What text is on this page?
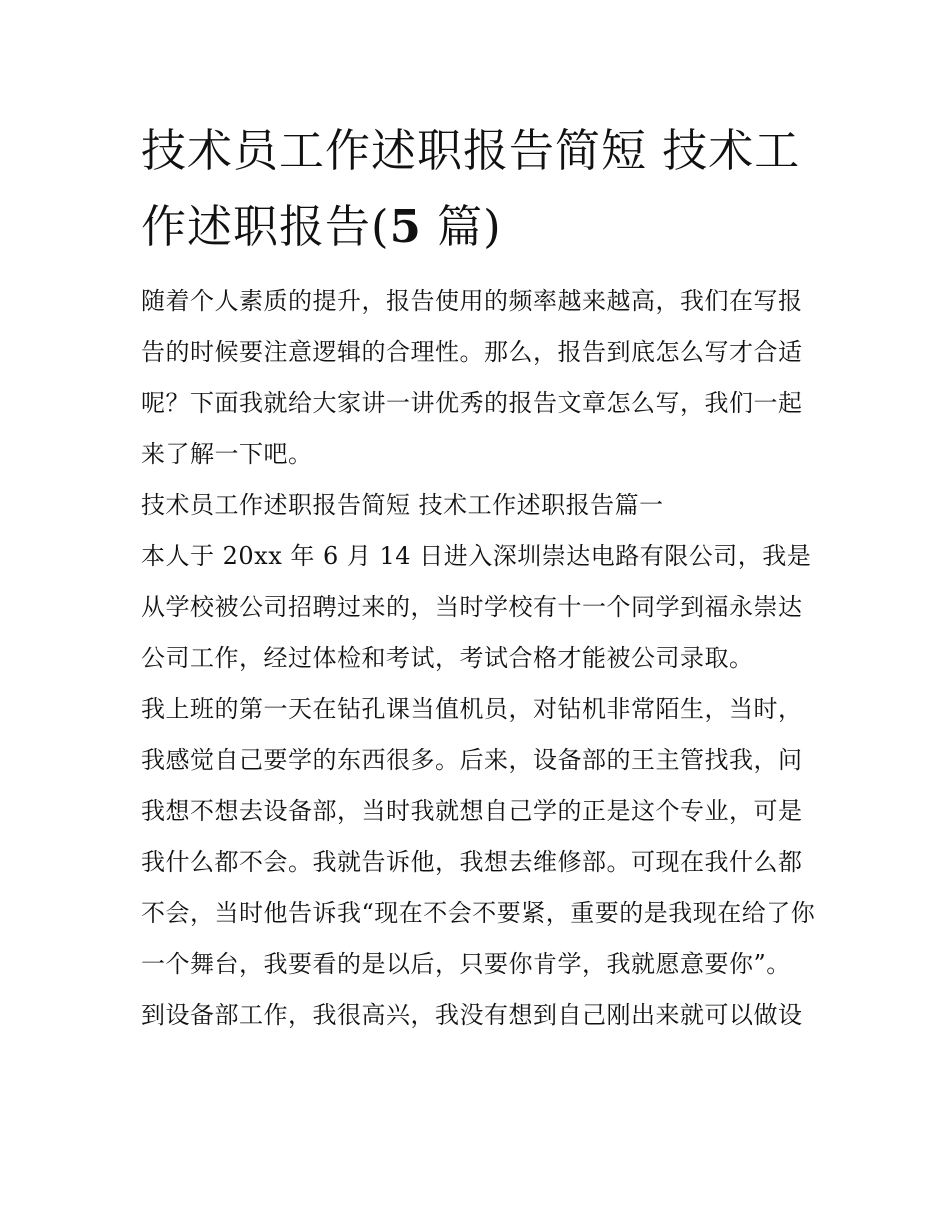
技术员工作述职报告简短 技术工作述职报告(5 篇)

随着个人素质的提升，报告使用的频率越来越高，我们在写报告的时候要注意逻辑的合理性。那么，报告到底怎么写才合适呢？下面我就给大家讲一讲优秀的报告文章怎么写，我们一起来了解一下吧。

技术员工作述职报告简短 技术工作述职报告篇一

本人于 20xx 年 6 月 14 日进入深圳崇达电路有限公司，我是从学校被公司招聘过来的，当时学校有十一个同学到福永崇达公司工作，经过体检和考试，考试合格才能被公司录取。

我上班的第一天在钻孔课当值机员，对钻机非常陌生，当时，我感觉自己要学的东西很多。后来，设备部的王主管找我，问我想不想去设备部，当时我就想自己学的正是这个专业，可是我什么都不会。我就告诉他，我想去维修部。可现在我什么都不会，当时他告诉我“现在不会不要紧，重要的是我现在给了你一个舞台，我要看的是以后，只要你肯学，我就愿意要你”。

到设备部工作，我很高兴，我没有想到自己刚出来就可以做设
